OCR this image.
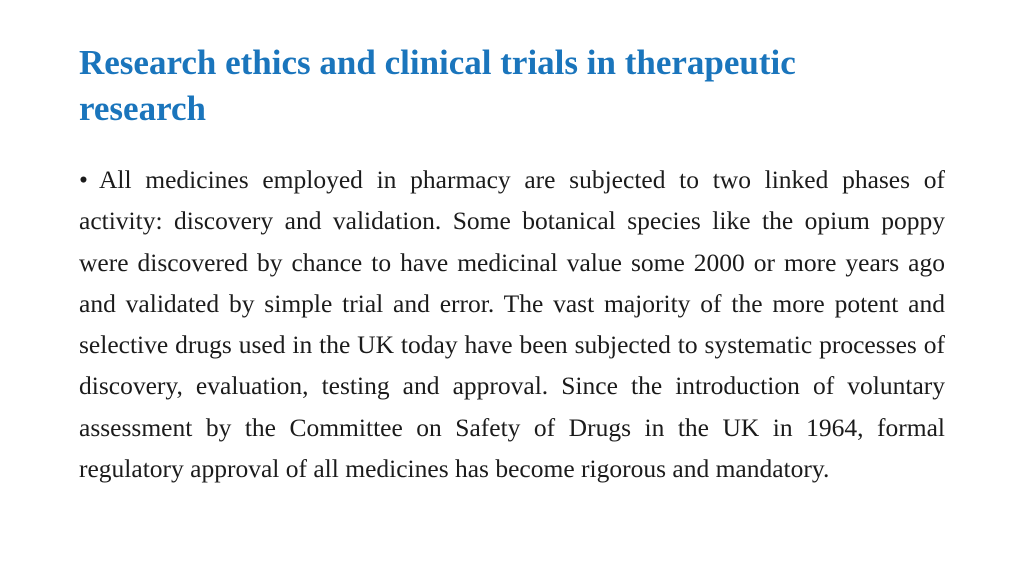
Research ethics and clinical trials in therapeutic research

• All medicines employed in pharmacy are subjected to two linked phases of activity: discovery and validation. Some botanical species like the opium poppy were discovered by chance to have medicinal value some 2000 or more years ago and validated by simple trial and error. The vast majority of the more potent and selective drugs used in the UK today have been subjected to systematic processes of discovery, evaluation, testing and approval. Since the introduction of voluntary assessment by the Committee on Safety of Drugs in the UK in 1964, formal regulatory approval of all medicines has become rigorous and mandatory.
